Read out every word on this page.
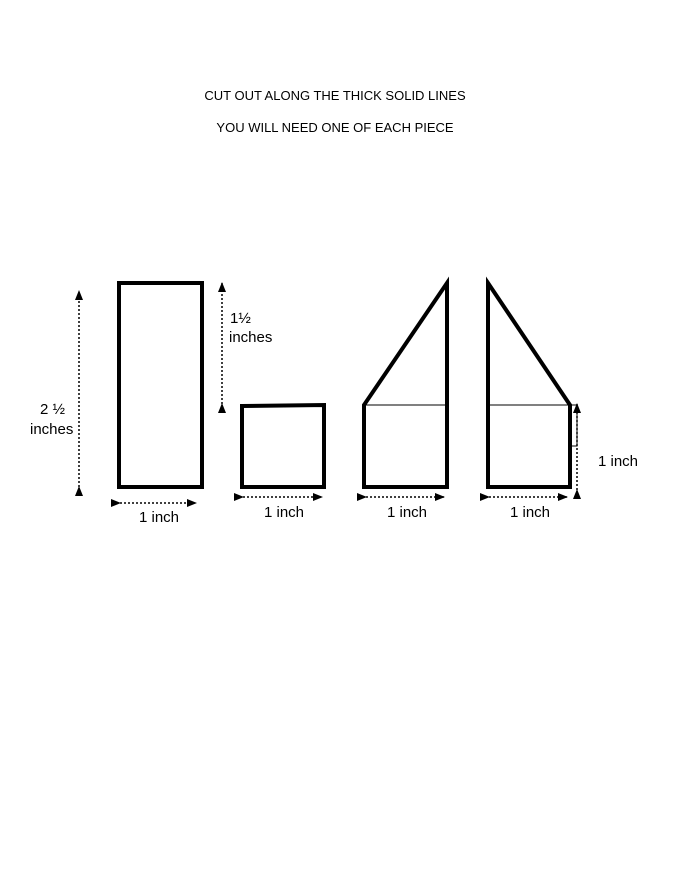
CUT OUT ALONG THE THICK SOLID LINES

YOU WILL NEED ONE OF EACH PIECE

2 ½
inches
1 inch
1½
inches
1 inch	1 inch	1 inch
1 inch
